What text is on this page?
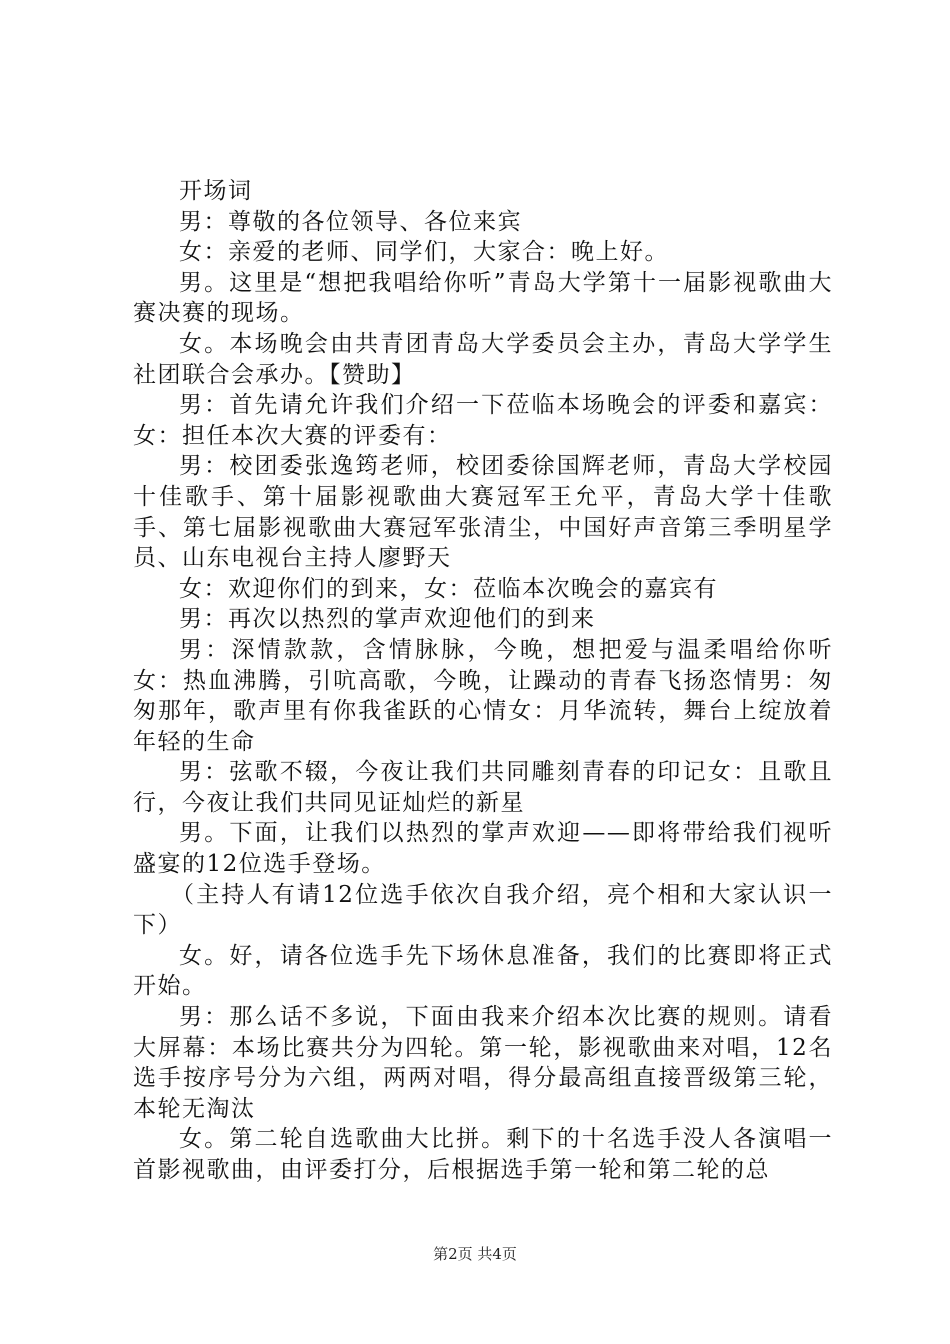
开场词

男：尊敬的各位领导、各位来宾

女：亲爱的老师、同学们，大家合：晚上好。

男。这里是“想把我唱给你听”青岛大学第十一届影视歌曲大赛决赛的现场。

女。本场晚会由共青团青岛大学委员会主办，青岛大学学生社团联合会承办。【赞助】

男：首先请允许我们介绍一下莅临本场晚会的评委和嘉宾：女：担任本次大赛的评委有：

男：校团委张逸筠老师，校团委徐国辉老师，青岛大学校园十佳歌手、第十届影视歌曲大赛冠军王允平，青岛大学十佳歌手、第七届影视歌曲大赛冠军张清尘，中国好声音第三季明星学员、山东电视台主持人廖野天

女：欢迎你们的到来，女：莅临本次晚会的嘉宾有

男：再次以热烈的掌声欢迎他们的到来

男：深情款款，含情脉脉，今晚，想把爱与温柔唱给你听女：热血沸腾，引吭高歌，今晚，让躁动的青春飞扬恣情男：匆匆那年，歌声里有你我雀跃的心情女：月华流转，舞台上绽放着年轻的生命

男：弦歌不辍，今夜让我们共同雕刻青春的印记女：且歌且行，今夜让我们共同见证灿烂的新星

男。下面，让我们以热烈的掌声欢迎——即将带给我们视听盛宴的12位选手登场。

（主持人有请12位选手依次自我介绍，亮个相和大家认识一下）

女。好，请各位选手先下场休息准备，我们的比赛即将正式开始。

男：那么话不多说，下面由我来介绍本次比赛的规则。请看大屏幕：本场比赛共分为四轮。第一轮，影视歌曲来对唱，12名选手按序号分为六组，两两对唱，得分最高组直接晋级第三轮，本轮无淘汰

女。第二轮自选歌曲大比拼。剩下的十名选手没人各演唱一首影视歌曲，由评委打分，后根据选手第一轮和第二轮的总

第2页 共4页
